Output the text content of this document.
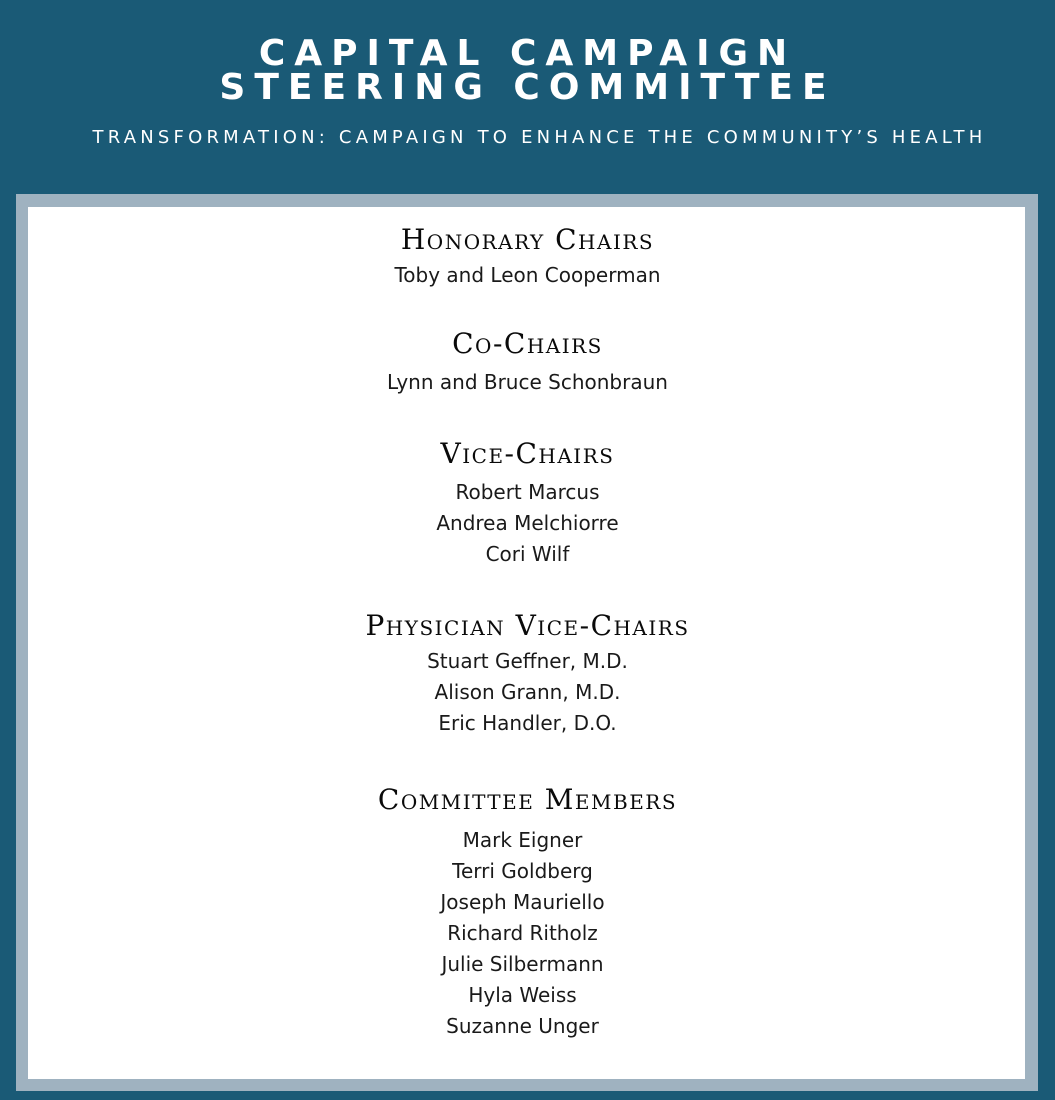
CAPITAL CAMPAIGN
STEERING COMMITTEE

TRANSFORMATION: CAMPAIGN TO ENHANCE THE COMMUNITY’S HEALTH

Honorary Chairs
Toby and Leon Cooperman
Co-Chairs
Lynn and Bruce Schonbraun
Vice-Chairs
Robert Marcus
Andrea Melchiorre
Cori Wilf
Physician Vice-Chairs
Stuart Geffner, M.D.
Alison Grann, M.D.
Eric Handler, D.O.
Committee Members
Mark Eigner
Terri Goldberg
Joseph Mauriello
Richard Ritholz
Julie Silbermann
Hyla Weiss
Suzanne Unger
